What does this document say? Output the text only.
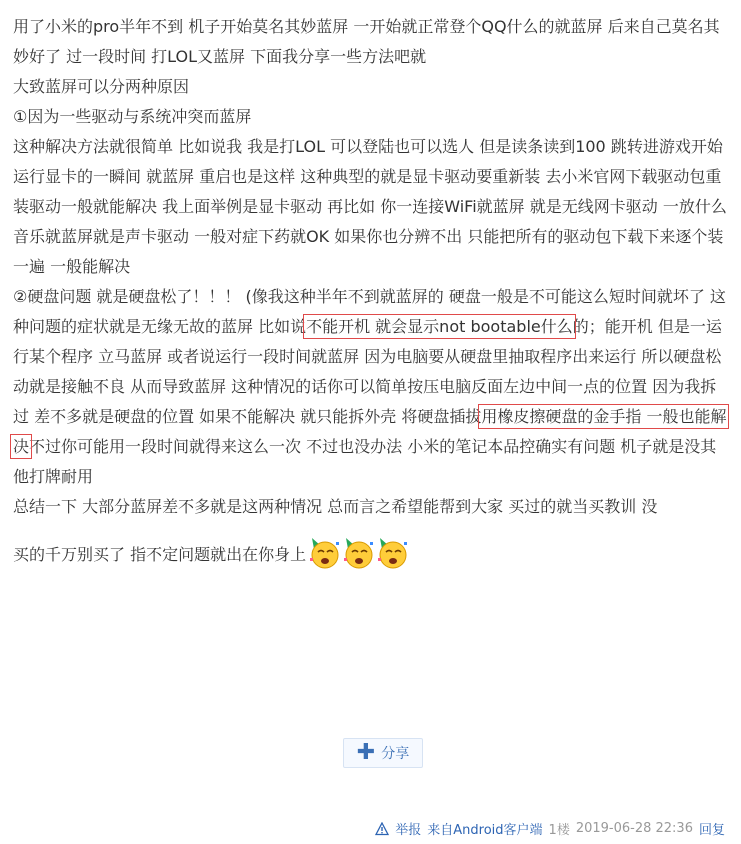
用了小米的pro半年不到 机子开始莫名其妙蓝屏 一开始就正常登个QQ什么的就蓝屏 后来自己莫名其妙好了 过一段时间 打LOL又蓝屏 下面我分享一些方法吧就

大致蓝屏可以分两种原因

①因为一些驱动与系统冲突而蓝屏

这种解决方法就很简单 比如说我 我是打LOL 可以登陆也可以选人 但是读条读到100 跳转进游戏开始运行显卡的一瞬间 就蓝屏 重启也是这样 这种典型的就是显卡驱动要重新装 去小米官网下载驱动包重装驱动一般就能解决 我上面举例是显卡驱动 再比如 你一连接WiFi就蓝屏 就是无线网卡驱动 一放什么音乐就蓝屏就是声卡驱动 一般对症下药就OK 如果你也分辨不出 只能把所有的驱动包下载下来逐个装一遍 一般能解决

②硬盘问题 就是硬盘松了！！！ (像我这种半年不到就蓝屏的 硬盘一般是不可能这么短时间就坏了 这种问题的症状就是无缘无故的蓝屏 比如说不能开机 就会显示not bootable什么的；能开机 但是一运行某个程序 立马蓝屏 或者说运行一段时间就蓝屏 因为电脑要从硬盘里抽取程序出来运行 所以硬盘松动就是接触不良 从而导致蓝屏 这种情况的话你可以简单按压电脑反面左边中间一点的位置 因为我拆过 差不多就是硬盘的位置 如果不能解决 就只能拆外壳 将硬盘插拔用橡皮擦硬盘的金手指 一般也能解决不过你可能用一段时间就得来这么一次 不过也没办法 小米的笔记本品控确实有问题 机子就是没其他打牌耐用

总结一下 大部分蓝屏差不多就是这两种情况 总而言之希望能帮到大家 买过的就当买教训 没

买的千万别买了 指不定问题就出在你身上
✚ 分享
举报 来自Android客户端 1楼 2019-06-28 22:36 回复
